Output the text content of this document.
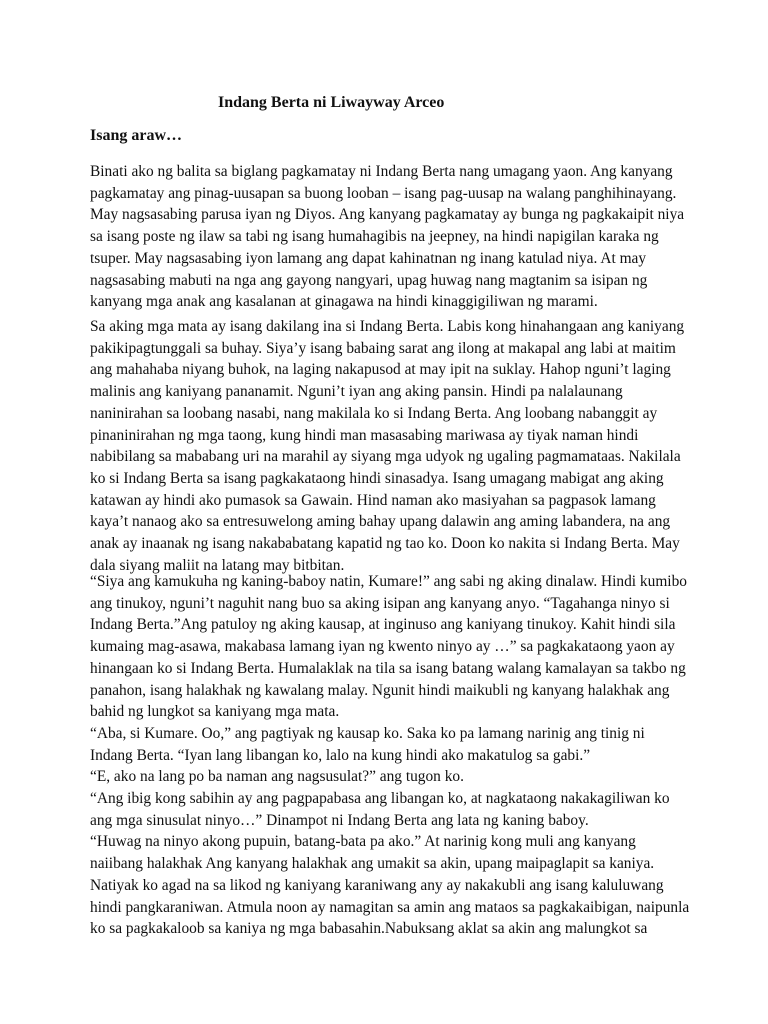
Indang Berta ni Liwayway Arceo
Isang araw…
Binati ako ng balita sa biglang pagkamatay ni Indang Berta nang umagang yaon. Ang kanyang
pagkamatay ang pinag-uusapan sa buong looban – isang pag-uusap na walang panghihinayang.
May nagsasabing parusa iyan ng Diyos. Ang kanyang pagkamatay ay bunga ng pagkakaipit niya
sa isang poste ng ilaw sa tabi ng isang humahagibis na jeepney, na hindi napigilan karaka ng
tsuper. May nagsasabing iyon lamang ang dapat kahinatnan ng inang katulad niya. At may
nagsasabing mabuti na nga ang gayong nangyari, upag huwag nang magtanim sa isipan ng
kanyang mga anak ang kasalanan at ginagawa na hindi kinaggigiliwan ng marami.
Sa aking mga mata ay isang dakilang ina si Indang Berta. Labis kong hinahangaan ang kaniyang
pakikipagtunggali sa buhay. Siya’y isang babaing sarat ang ilong at makapal ang labi at maitim
ang mahahaba niyang buhok, na laging nakapusod at may ipit na suklay. Hahop nguni’t laging
malinis ang kaniyang pananamit. Nguni’t iyan ang aking pansin. Hindi pa nalalaunang
naninirahan sa loobang nasabi, nang makilala ko si Indang Berta. Ang loobang nabanggit ay
pinaninirahan ng mga taong, kung hindi man masasabing mariwasa ay tiyak naman hindi
nabibilang sa mababang uri na marahil ay siyang mga udyok ng ugaling pagmamataas. Nakilala
ko si Indang Berta sa isang pagkakataong hindi sinasadya. Isang umagang mabigat ang aking
katawan ay hindi ako pumasok sa Gawain. Hind naman ako masiyahan sa pagpasok lamang
kaya’t nanaog ako sa entresuwelong aming bahay upang dalawin ang aming labandera, na ang
anak ay inaanak ng isang nakababatang kapatid ng tao ko. Doon ko nakita si Indang Berta. May
dala siyang maliit na latang may bitbitan.
“Siya ang kamukuha ng kaning-baboy natin, Kumare!” ang sabi ng aking dinalaw. Hindi kumibo
ang tinukoy, nguni’t naguhit nang buo sa aking isipan ang kanyang anyo. “Tagahanga ninyo si
Indang Berta.”Ang patuloy ng aking kausap, at inginuso ang kaniyang tinukoy. Kahit hindi sila
kumaing mag-asawa, makabasa lamang iyan ng kwento ninyo ay …” sa pagkakataong yaon ay
hinangaan ko si Indang Berta. Humalaklak na tila sa isang batang walang kamalayan sa takbo ng
panahon, isang halakhak ng kawalang malay. Ngunit hindi maikubli ng kanyang halakhak ang
bahid ng lungkot sa kaniyang mga mata.
“Aba, si Kumare. Oo,” ang pagtiyak ng kausap ko. Saka ko pa lamang narinig ang tinig ni
Indang Berta. “Iyan lang libangan ko, lalo na kung hindi ako makatulog sa gabi.”
“E, ako na lang po ba naman ang nagsusulat?” ang tugon ko.
“Ang ibig kong sabihin ay ang pagpapabasa ang libangan ko, at nagkataong nakakagiliwan ko
ang mga sinusulat ninyo…” Dinampot ni Indang Berta ang lata ng kaning baboy.
“Huwag na ninyo akong pupuin, batang-bata pa ako.” At narinig kong muli ang kanyang
naiibang halakhak Ang kanyang halakhak ang umakit sa akin, upang maipaglapit sa kaniya.
Natiyak ko agad na sa likod ng kaniyang karaniwang any ay nakakubli ang isang kaluluwang
hindi pangkaraniwan. Atmula noon ay namagitan sa amin ang mataos sa pagkakaibigan, naipunla
ko sa pagkakaloob sa kaniya ng mga babasahin.Nabuksang aklat sa akin ang malungkot sa
